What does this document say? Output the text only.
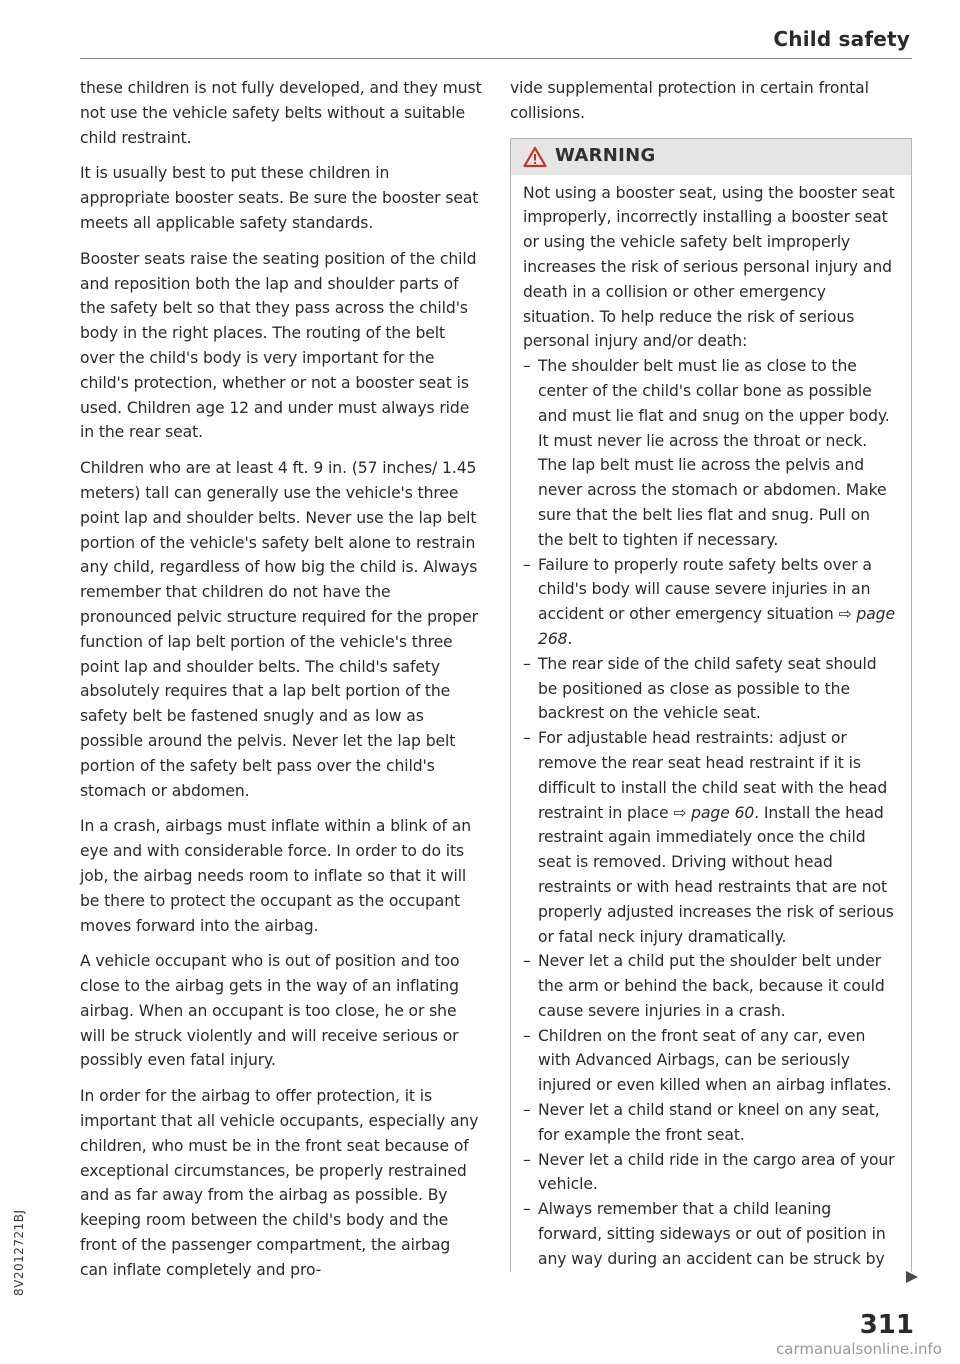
Child safety

these children is not fully developed, and they must not use the vehicle safety belts without a suitable child restraint.

It is usually best to put these children in appropriate booster seats. Be sure the booster seat meets all applicable safety standards.

Booster seats raise the seating position of the child and reposition both the lap and shoulder parts of the safety belt so that they pass across the child's body in the right places. The routing of the belt over the child's body is very important for the child's protection, whether or not a booster seat is used. Children age 12 and under must always ride in the rear seat.

Children who are at least 4 ft. 9 in. (57 inches/ 1.45 meters) tall can generally use the vehicle's three point lap and shoulder belts. Never use the lap belt portion of the vehicle's safety belt alone to restrain any child, regardless of how big the child is. Always remember that children do not have the pronounced pelvic structure required for the proper function of lap belt portion of the vehicle's three point lap and shoulder belts. The child's safety absolutely requires that a lap belt portion of the safety belt be fastened snugly and as low as possible around the pelvis. Never let the lap belt portion of the safety belt pass over the child's stomach or abdomen.

In a crash, airbags must inflate within a blink of an eye and with considerable force. In order to do its job, the airbag needs room to inflate so that it will be there to protect the occupant as the occupant moves forward into the airbag.

A vehicle occupant who is out of position and too close to the airbag gets in the way of an inflating airbag. When an occupant is too close, he or she will be struck violently and will receive serious or possibly even fatal injury.

In order for the airbag to offer protection, it is important that all vehicle occupants, especially any children, who must be in the front seat because of exceptional circumstances, be properly restrained and as far away from the airbag as possible. By keeping room between the child's body and the front of the passenger compartment, the airbag can inflate completely and pro-

vide supplemental protection in certain frontal collisions.

WARNING

Not using a booster seat, using the booster seat improperly, incorrectly installing a booster seat or using the vehicle safety belt improperly increases the risk of serious personal injury and death in a collision or other emergency situation. To help reduce the risk of serious personal injury and/or death:

– The shoulder belt must lie as close to the center of the child's collar bone as possible and must lie flat and snug on the upper body. It must never lie across the throat or neck. The lap belt must lie across the pelvis and never across the stomach or abdomen. Make sure that the belt lies flat and snug. Pull on the belt to tighten if necessary.
– Failure to properly route safety belts over a child's body will cause severe injuries in an accident or other emergency situation ⇨ page 268.
– The rear side of the child safety seat should be positioned as close as possible to the backrest on the vehicle seat.
– For adjustable head restraints: adjust or remove the rear seat head restraint if it is difficult to install the child seat with the head restraint in place ⇨ page 60. Install the head restraint again immediately once the child seat is removed. Driving without head restraints or with head restraints that are not properly adjusted increases the risk of serious or fatal neck injury dramatically.
– Never let a child put the shoulder belt under the arm or behind the back, because it could cause severe injuries in a crash.
– Children on the front seat of any car, even with Advanced Airbags, can be seriously injured or even killed when an airbag inflates.
– Never let a child stand or kneel on any seat, for example the front seat.
– Never let a child ride in the cargo area of your vehicle.
– Always remember that a child leaning forward, sitting sideways or out of position in any way during an accident can be struck by
311
8V2012721BJ
carmanualsonline.info
